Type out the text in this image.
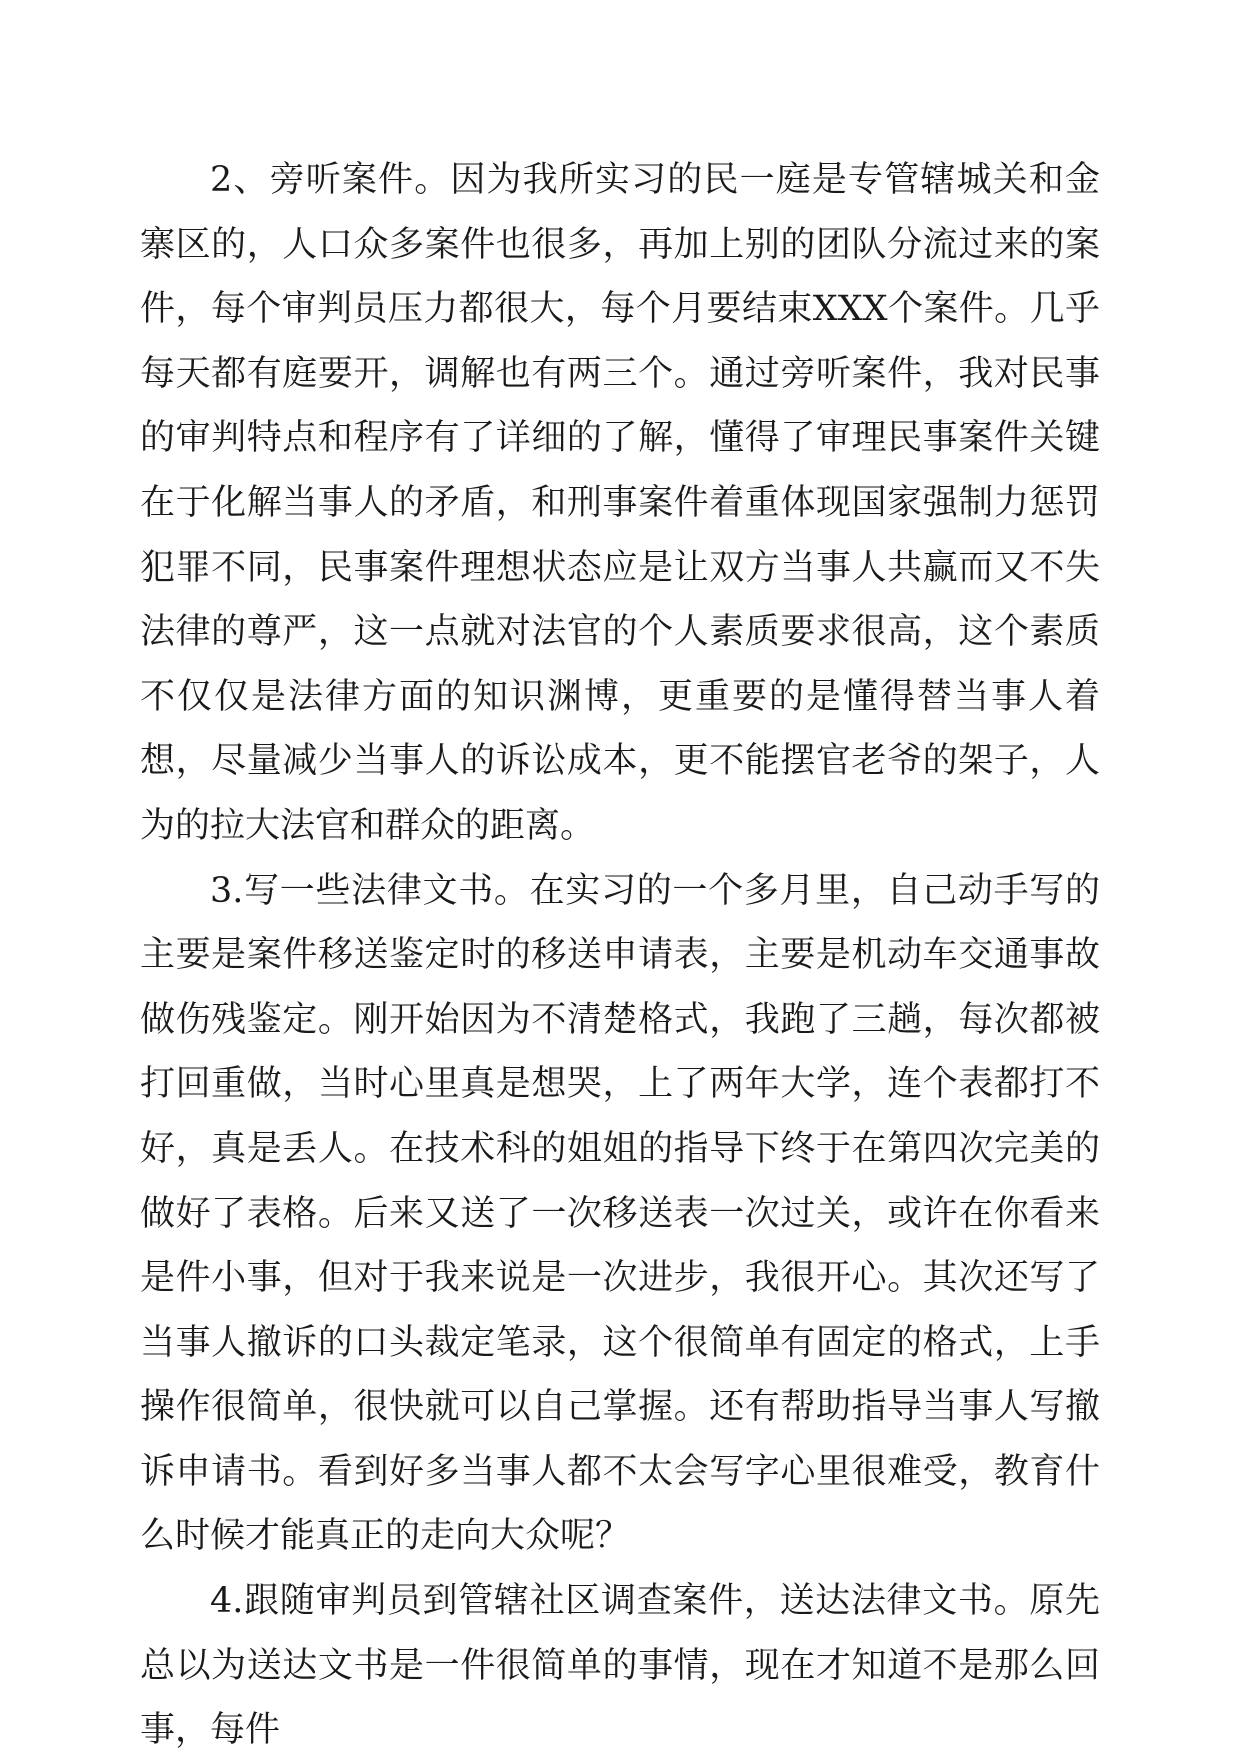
2、旁听案件。因为我所实习的民一庭是专管辖城关和金寨区的，人口众多案件也很多，再加上别的团队分流过来的案件，每个审判员压力都很大，每个月要结束XXX个案件。几乎每天都有庭要开，调解也有两三个。通过旁听案件，我对民事的审判特点和程序有了详细的了解，懂得了审理民事案件关键在于化解当事人的矛盾，和刑事案件着重体现国家强制力惩罚犯罪不同，民事案件理想状态应是让双方当事人共赢而又不失法律的尊严，这一点就对法官的个人素质要求很高，这个素质不仅仅是法律方面的知识渊博，更重要的是懂得替当事人着想，尽量减少当事人的诉讼成本，更不能摆官老爷的架子，人为的拉大法官和群众的距离。

3.写一些法律文书。在实习的一个多月里，自己动手写的主要是案件移送鉴定时的移送申请表，主要是机动车交通事故做伤残鉴定。刚开始因为不清楚格式，我跑了三趟，每次都被打回重做，当时心里真是想哭，上了两年大学，连个表都打不好，真是丢人。在技术科的姐姐的指导下终于在第四次完美的做好了表格。后来又送了一次移送表一次过关，或许在你看来是件小事，但对于我来说是一次进步，我很开心。其次还写了当事人撤诉的口头裁定笔录，这个很简单有固定的格式，上手操作很简单，很快就可以自己掌握。还有帮助指导当事人写撤诉申请书。看到好多当事人都不太会写字心里很难受，教育什么时候才能真正的走向大众呢？

4.跟随审判员到管辖社区调查案件，送达法律文书。原先总以为送达文书是一件很简单的事情，现在才知道不是那么回事，每件
